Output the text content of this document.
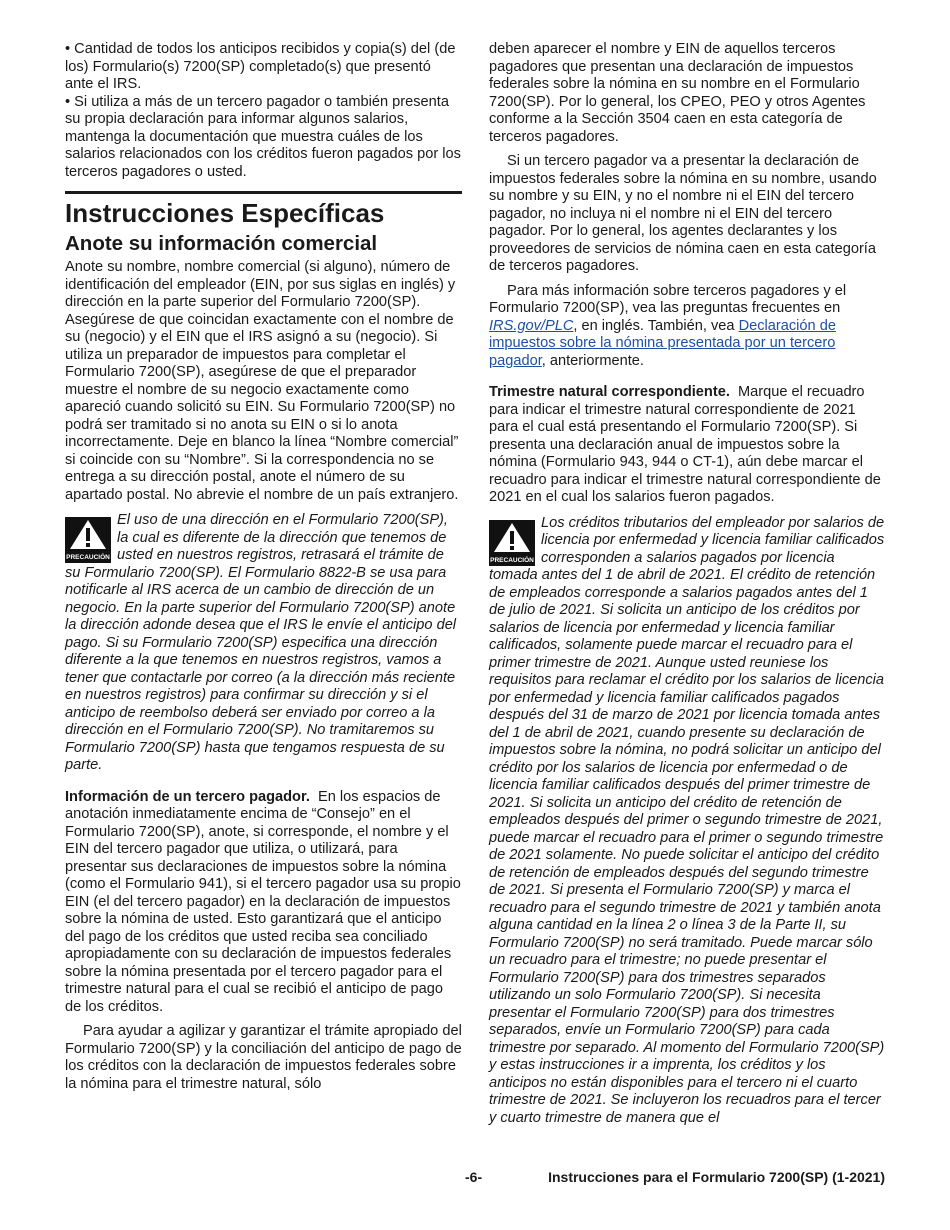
• Cantidad de todos los anticipos recibidos y copia(s) del (de los) Formulario(s) 7200(SP) completado(s) que presentó ante el IRS.

• Si utiliza a más de un tercero pagador o también presenta su propia declaración para informar algunos salarios, mantenga la documentación que muestra cuáles de los salarios relacionados con los créditos fueron pagados por los terceros pagadores o usted.

Instrucciones Específicas
Anote su información comercial

Anote su nombre, nombre comercial (si alguno), número de identificación del empleador (EIN, por sus siglas en inglés) y dirección en la parte superior del Formulario 7200(SP). Asegúrese de que coincidan exactamente con el nombre de su (negocio) y el EIN que el IRS asignó a su (negocio). Si utiliza un preparador de impuestos para completar el Formulario 7200(SP), asegúrese de que el preparador muestre el nombre de su negocio exactamente como apareció cuando solicitó su EIN. Su Formulario 7200(SP) no podrá ser tramitado si no anota su EIN o si lo anota incorrectamente. Deje en blanco la línea “Nombre comercial” si coincide con su “Nombre”. Si la correspondencia no se entrega a su dirección postal, anote el número de su apartado postal. No abrevie el nombre de un país extranjero.

PRECAUCIÓN

El uso de una dirección en el Formulario 7200(SP), la cual es diferente de la dirección que tenemos de usted en nuestros registros, retrasará el trámite de su Formulario 7200(SP). El Formulario 8822-B se usa para notificarle al IRS acerca de un cambio de dirección de un negocio. En la parte superior del Formulario 7200(SP) anote la dirección adonde desea que el IRS le envíe el anticipo del pago. Si su Formulario 7200(SP) especifica una dirección diferente a la que tenemos en nuestros registros, vamos a tener que contactarle por correo (a la dirección más reciente en nuestros registros) para confirmar su dirección y si el anticipo de reembolso deberá ser enviado por correo a la dirección en el Formulario 7200(SP). No tramitaremos su Formulario 7200(SP) hasta que tengamos respuesta de su parte.

Información de un tercero pagador. En los espacios de anotación inmediatamente encima de “Consejo” en el Formulario 7200(SP), anote, si corresponde, el nombre y el EIN del tercero pagador que utiliza, o utilizará, para presentar sus declaraciones de impuestos sobre la nómina (como el Formulario 941), si el tercero pagador usa su propio EIN (el del tercero pagador) en la declaración de impuestos sobre la nómina de usted. Esto garantizará que el anticipo del pago de los créditos que usted reciba sea conciliado apropiadamente con su declaración de impuestos federales sobre la nómina presentada por el tercero pagador para el trimestre natural para el cual se recibió el anticipo de pago de los créditos.

Para ayudar a agilizar y garantizar el trámite apropiado del Formulario 7200(SP) y la conciliación del anticipo de pago de los créditos con la declaración de impuestos federales sobre la nómina para el trimestre natural, sólo

deben aparecer el nombre y EIN de aquellos terceros pagadores que presentan una declaración de impuestos federales sobre la nómina en su nombre en el Formulario 7200(SP). Por lo general, los CPEO, PEO y otros Agentes conforme a la Sección 3504 caen en esta categoría de terceros pagadores.

Si un tercero pagador va a presentar la declaración de impuestos federales sobre la nómina en su nombre, usando su nombre y su EIN, y no el nombre ni el EIN del tercero pagador, no incluya ni el nombre ni el EIN del tercero pagador. Por lo general, los agentes declarantes y los proveedores de servicios de nómina caen en esta categoría de terceros pagadores.

Para más información sobre terceros pagadores y el Formulario 7200(SP), vea las preguntas frecuentes en IRS.gov/PLC, en inglés. También, vea Declaración de impuestos sobre la nómina presentada por un tercero pagador, anteriormente.

Trimestre natural correspondiente. Marque el recuadro para indicar el trimestre natural correspondiente de 2021 para el cual está presentando el Formulario 7200(SP). Si presenta una declaración anual de impuestos sobre la nómina (Formulario 943, 944 o CT-1), aún debe marcar el recuadro para indicar el trimestre natural correspondiente de 2021 en el cual los salarios fueron pagados.

PRECAUCIÓN

Los créditos tributarios del empleador por salarios de licencia por enfermedad y licencia familiar calificados corresponden a salarios pagados por licencia tomada antes del 1 de abril de 2021. El crédito de retención de empleados corresponde a salarios pagados antes del 1 de julio de 2021. Si solicita un anticipo de los créditos por salarios de licencia por enfermedad y licencia familiar calificados, solamente puede marcar el recuadro para el primer trimestre de 2021. Aunque usted reuniese los requisitos para reclamar el crédito por los salarios de licencia por enfermedad y licencia familiar calificados pagados después del 31 de marzo de 2021 por licencia tomada antes del 1 de abril de 2021, cuando presente su declaración de impuestos sobre la nómina, no podrá solicitar un anticipo del crédito por los salarios de licencia por enfermedad o de licencia familiar calificados después del primer trimestre de 2021. Si solicita un anticipo del crédito de retención de empleados después del primer o segundo trimestre de 2021, puede marcar el recuadro para el primer o segundo trimestre de 2021 solamente. No puede solicitar el anticipo del crédito de retención de empleados después del segundo trimestre de 2021. Si presenta el Formulario 7200(SP) y marca el recuadro para el segundo trimestre de 2021 y también anota alguna cantidad en la línea 2 o línea 3 de la Parte II, su Formulario 7200(SP) no será tramitado. Puede marcar sólo un recuadro para el trimestre; no puede presentar el Formulario 7200(SP) para dos trimestres separados utilizando un solo Formulario 7200(SP). Si necesita presentar el Formulario 7200(SP) para dos trimestres separados, envíe un Formulario 7200(SP) para cada trimestre por separado. Al momento del Formulario 7200(SP) y estas instrucciones ir a imprenta, los créditos y los anticipos no están disponibles para el tercero ni el cuarto trimestre de 2021. Se incluyeron los recuadros para el tercer y cuarto trimestre de manera que el

-6-	Instrucciones para el Formulario 7200(SP) (1-2021)
